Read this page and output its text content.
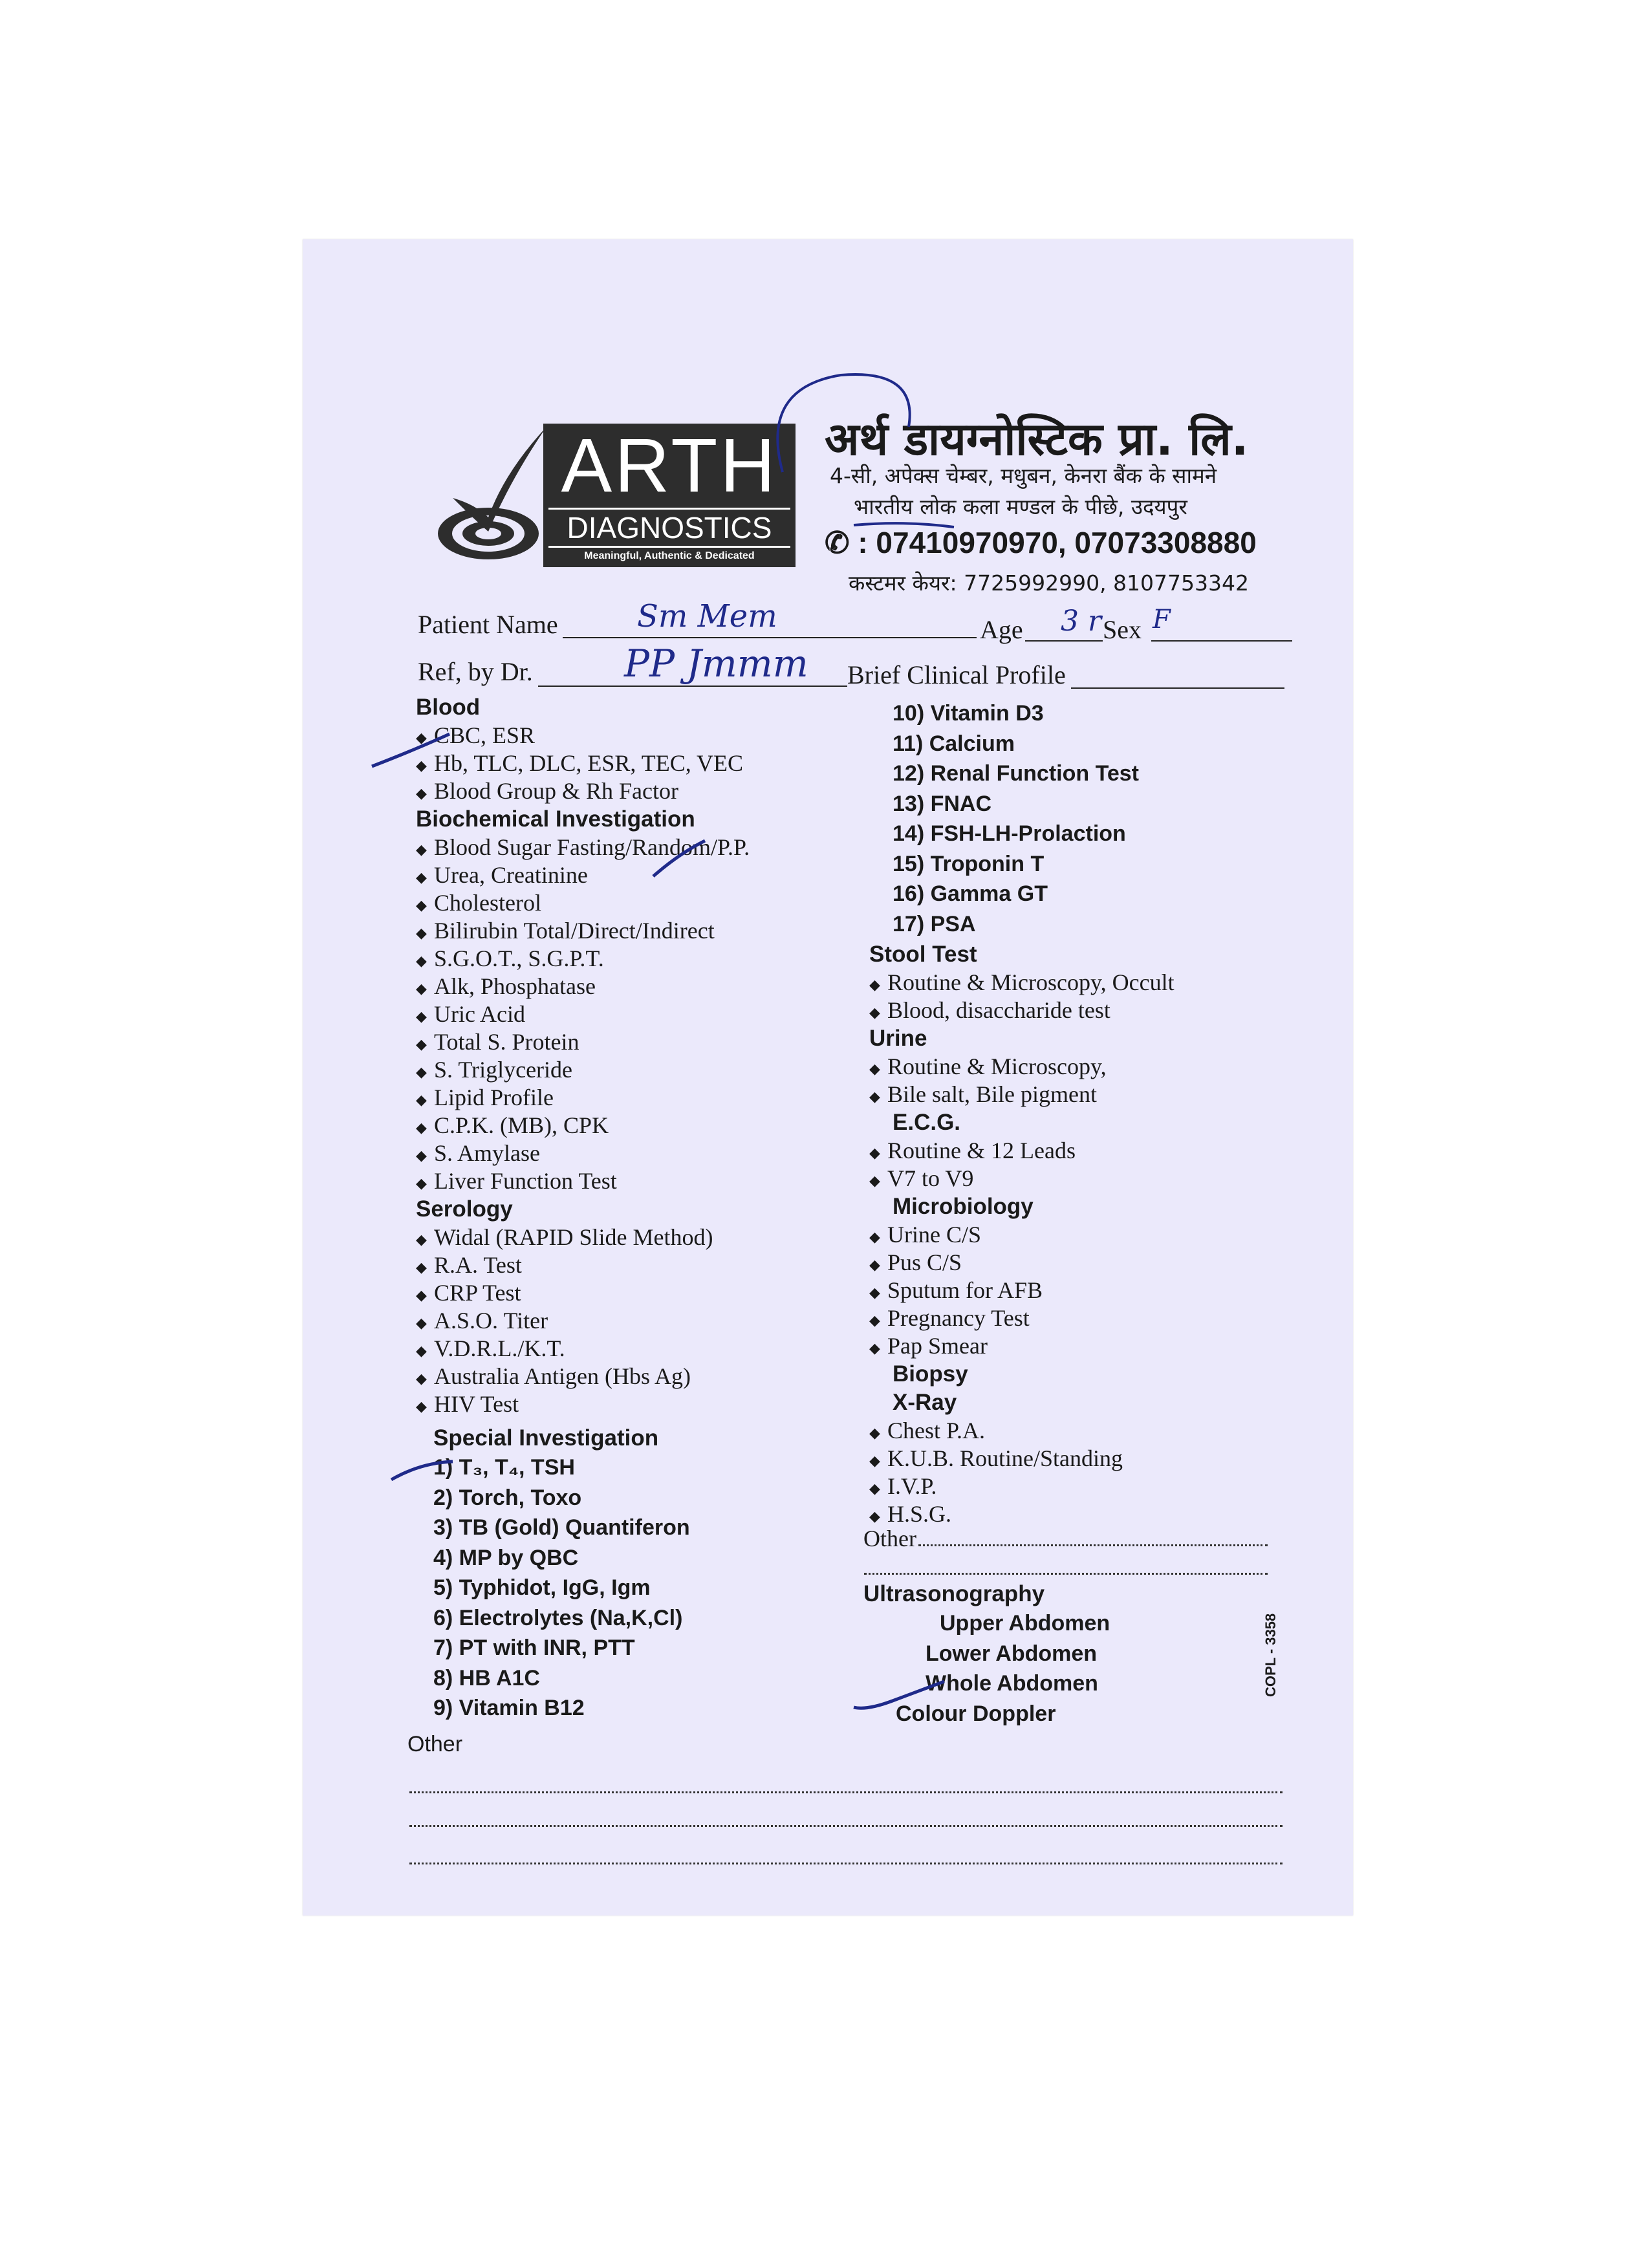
ARTH
DIAGNOSTICS
Meaningful, Authentic & Dedicated
अर्थ डायग्नोस्टिक प्रा. लि.
4-सी, अपेक्स चेम्बर, मधुबन, केनरा बैंक के सामने
भारतीय लोक कला मण्डल के पीछे, उदयपुर
✆ : 07410970970, 07073308880
कस्टमर केयर: 7725992990, 8107753342
Patient Name	Sm Mem	Age 3 r Sex F
Ref, by Dr. PP Jmmm Brief Clinical Profile
Blood
◆ CBC, ESR
◆ Hb, TLC, DLC, ESR, TEC, VEC
◆ Blood Group & Rh Factor
Biochemical Investigation
◆ Blood Sugar Fasting/Random/P.P.
◆ Urea, Creatinine
◆ Cholesterol
◆ Bilirubin Total/Direct/Indirect
◆ S.G.O.T., S.G.P.T.
◆ Alk, Phosphatase
◆ Uric Acid
◆ Total S. Protein
◆ S. Triglyceride
◆ Lipid Profile
◆ C.P.K. (MB), CPK
◆ S. Amylase
◆ Liver Function Test
Serology
◆ Widal (RAPID Slide Method)
◆ R.A. Test
◆ CRP Test
◆ A.S.O. Titer
◆ V.D.R.L./K.T.
◆ Australia Antigen (Hbs Ag)
◆ HIV Test
Special Investigation
1) T₃, T₄, TSH
2) Torch, Toxo
3) TB (Gold) Quantiferon
4) MP by QBC
5) Typhidot, IgG, Igm
6) Electrolytes (Na,K,Cl)
7) PT with INR, PTT
8) HB A1C
9) Vitamin B12
Other
10) Vitamin D3
11) Calcium
12) Renal Function Test
13) FNAC
14) FSH-LH-Prolaction
15) Troponin T
16) Gamma GT
17) PSA
Stool Test
◆ Routine & Microscopy, Occult
◆ Blood, disaccharide test
Urine
◆ Routine & Microscopy,
◆ Bile salt, Bile pigment
E.C.G.
◆ Routine & 12 Leads
◆ V7 to V9
Microbiology
◆ Urine C/S
◆ Pus C/S
◆ Sputum for AFB
◆ Pregnancy Test
◆ Pap Smear
Biopsy
X-Ray
◆ Chest P.A.
◆ K.U.B. Routine/Standing
◆ I.V.P.
◆ H.S.G.
Other
Ultrasonography
Upper Abdomen
Lower Abdomen
Whole Abdomen
Colour Doppler
COPL - 3358
